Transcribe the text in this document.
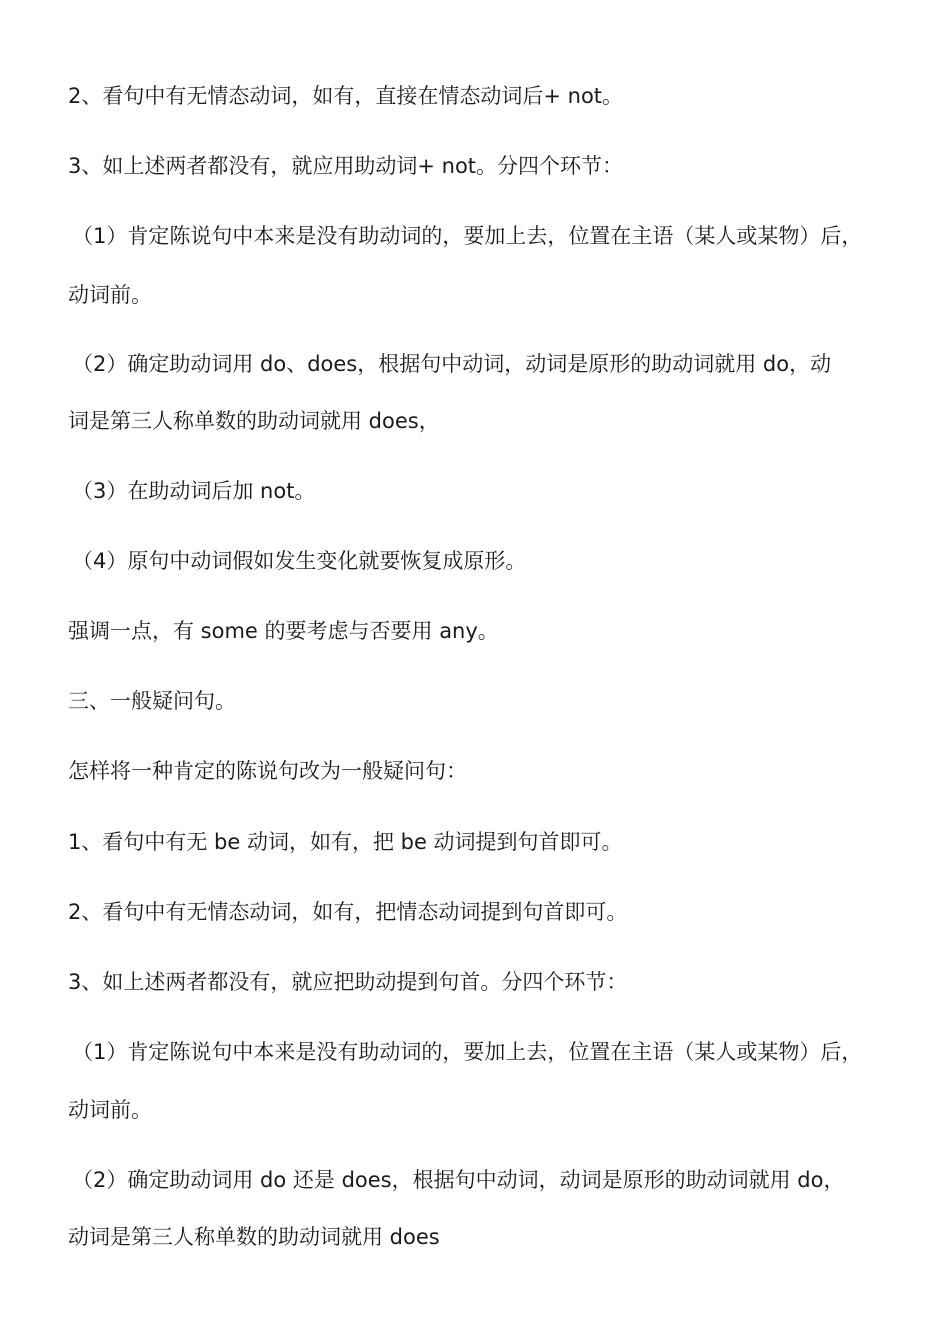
2、看句中有无情态动词，如有，直接在情态动词后+ not。
3、如上述两者都没有，就应用助动词+ not。分四个环节：
（1）肯定陈说句中本来是没有助动词的，要加上去，位置在主语（某人或某物）后，
动词前。
（2）确定助动词用 do、does，根据句中动词，动词是原形的助动词就用 do，动
词是第三人称单数的助动词就用 does，
（3）在助动词后加 not。
（4）原句中动词假如发生变化就要恢复成原形。
强调一点，有 some 的要考虑与否要用 any。
三、一般疑问句。
怎样将一种肯定的陈说句改为一般疑问句：
1、看句中有无 be 动词，如有，把 be 动词提到句首即可。
2、看句中有无情态动词，如有，把情态动词提到句首即可。
3、如上述两者都没有，就应把助动提到句首。分四个环节：
（1）肯定陈说句中本来是没有助动词的，要加上去，位置在主语（某人或某物）后，
动词前。
（2）确定助动词用 do 还是 does，根据句中动词，动词是原形的助动词就用 do，
动词是第三人称单数的助动词就用 does
